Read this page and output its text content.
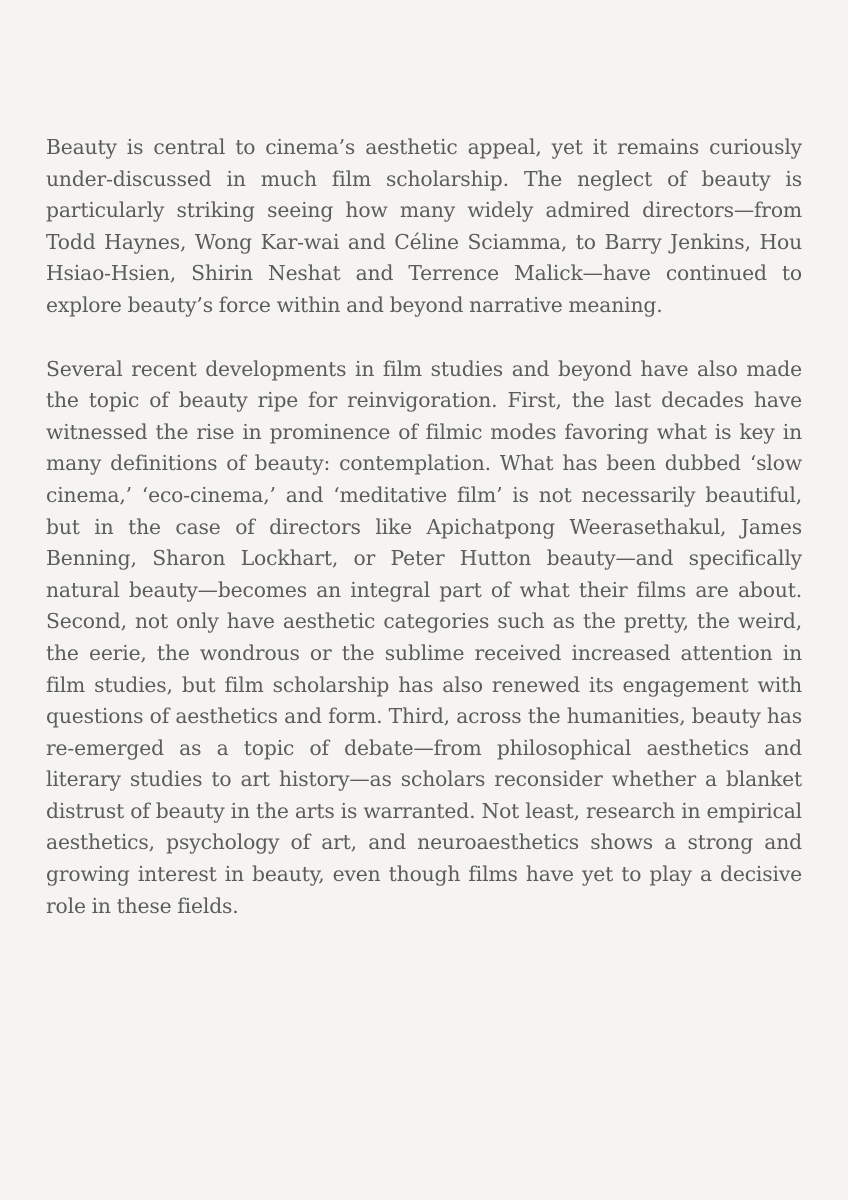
Beauty is central to cinema’s aesthetic appeal, yet it remains curiously under-discussed in much film scholarship. The neglect of beauty is particularly striking seeing how many widely admired directors—from Todd Haynes, Wong Kar-wai and Céline Sciamma, to Barry Jenkins, Hou Hsiao-Hsien, Shirin Neshat and Terrence Malick—have continued to explore beauty’s force within and beyond narrative meaning.

Several recent developments in film studies and beyond have also made the topic of beauty ripe for reinvigoration. First, the last decades have witnessed the rise in prominence of filmic modes favoring what is key in many definitions of beauty: contemplation. What has been dubbed ‘slow cinema,’ ‘eco-cinema,’ and ‘meditative film’ is not necessarily beautiful, but in the case of directors like Apichatpong Weerasethakul, James Benning, Sharon Lockhart, or Peter Hutton beauty—and specifically natural beauty—becomes an integral part of what their films are about. Second, not only have aesthetic categories such as the pretty, the weird, the eerie, the wondrous or the sublime received increased attention in film studies, but film scholarship has also renewed its engagement with questions of aesthetics and form. Third, across the humanities, beauty has re-emerged as a topic of debate—from philosophical aesthetics and literary studies to art history—as scholars reconsider whether a blanket distrust of beauty in the arts is warranted. Not least, research in empirical aesthetics, psychology of art, and neuroaesthetics shows a strong and growing interest in beauty, even though films have yet to play a decisive role in these fields.
